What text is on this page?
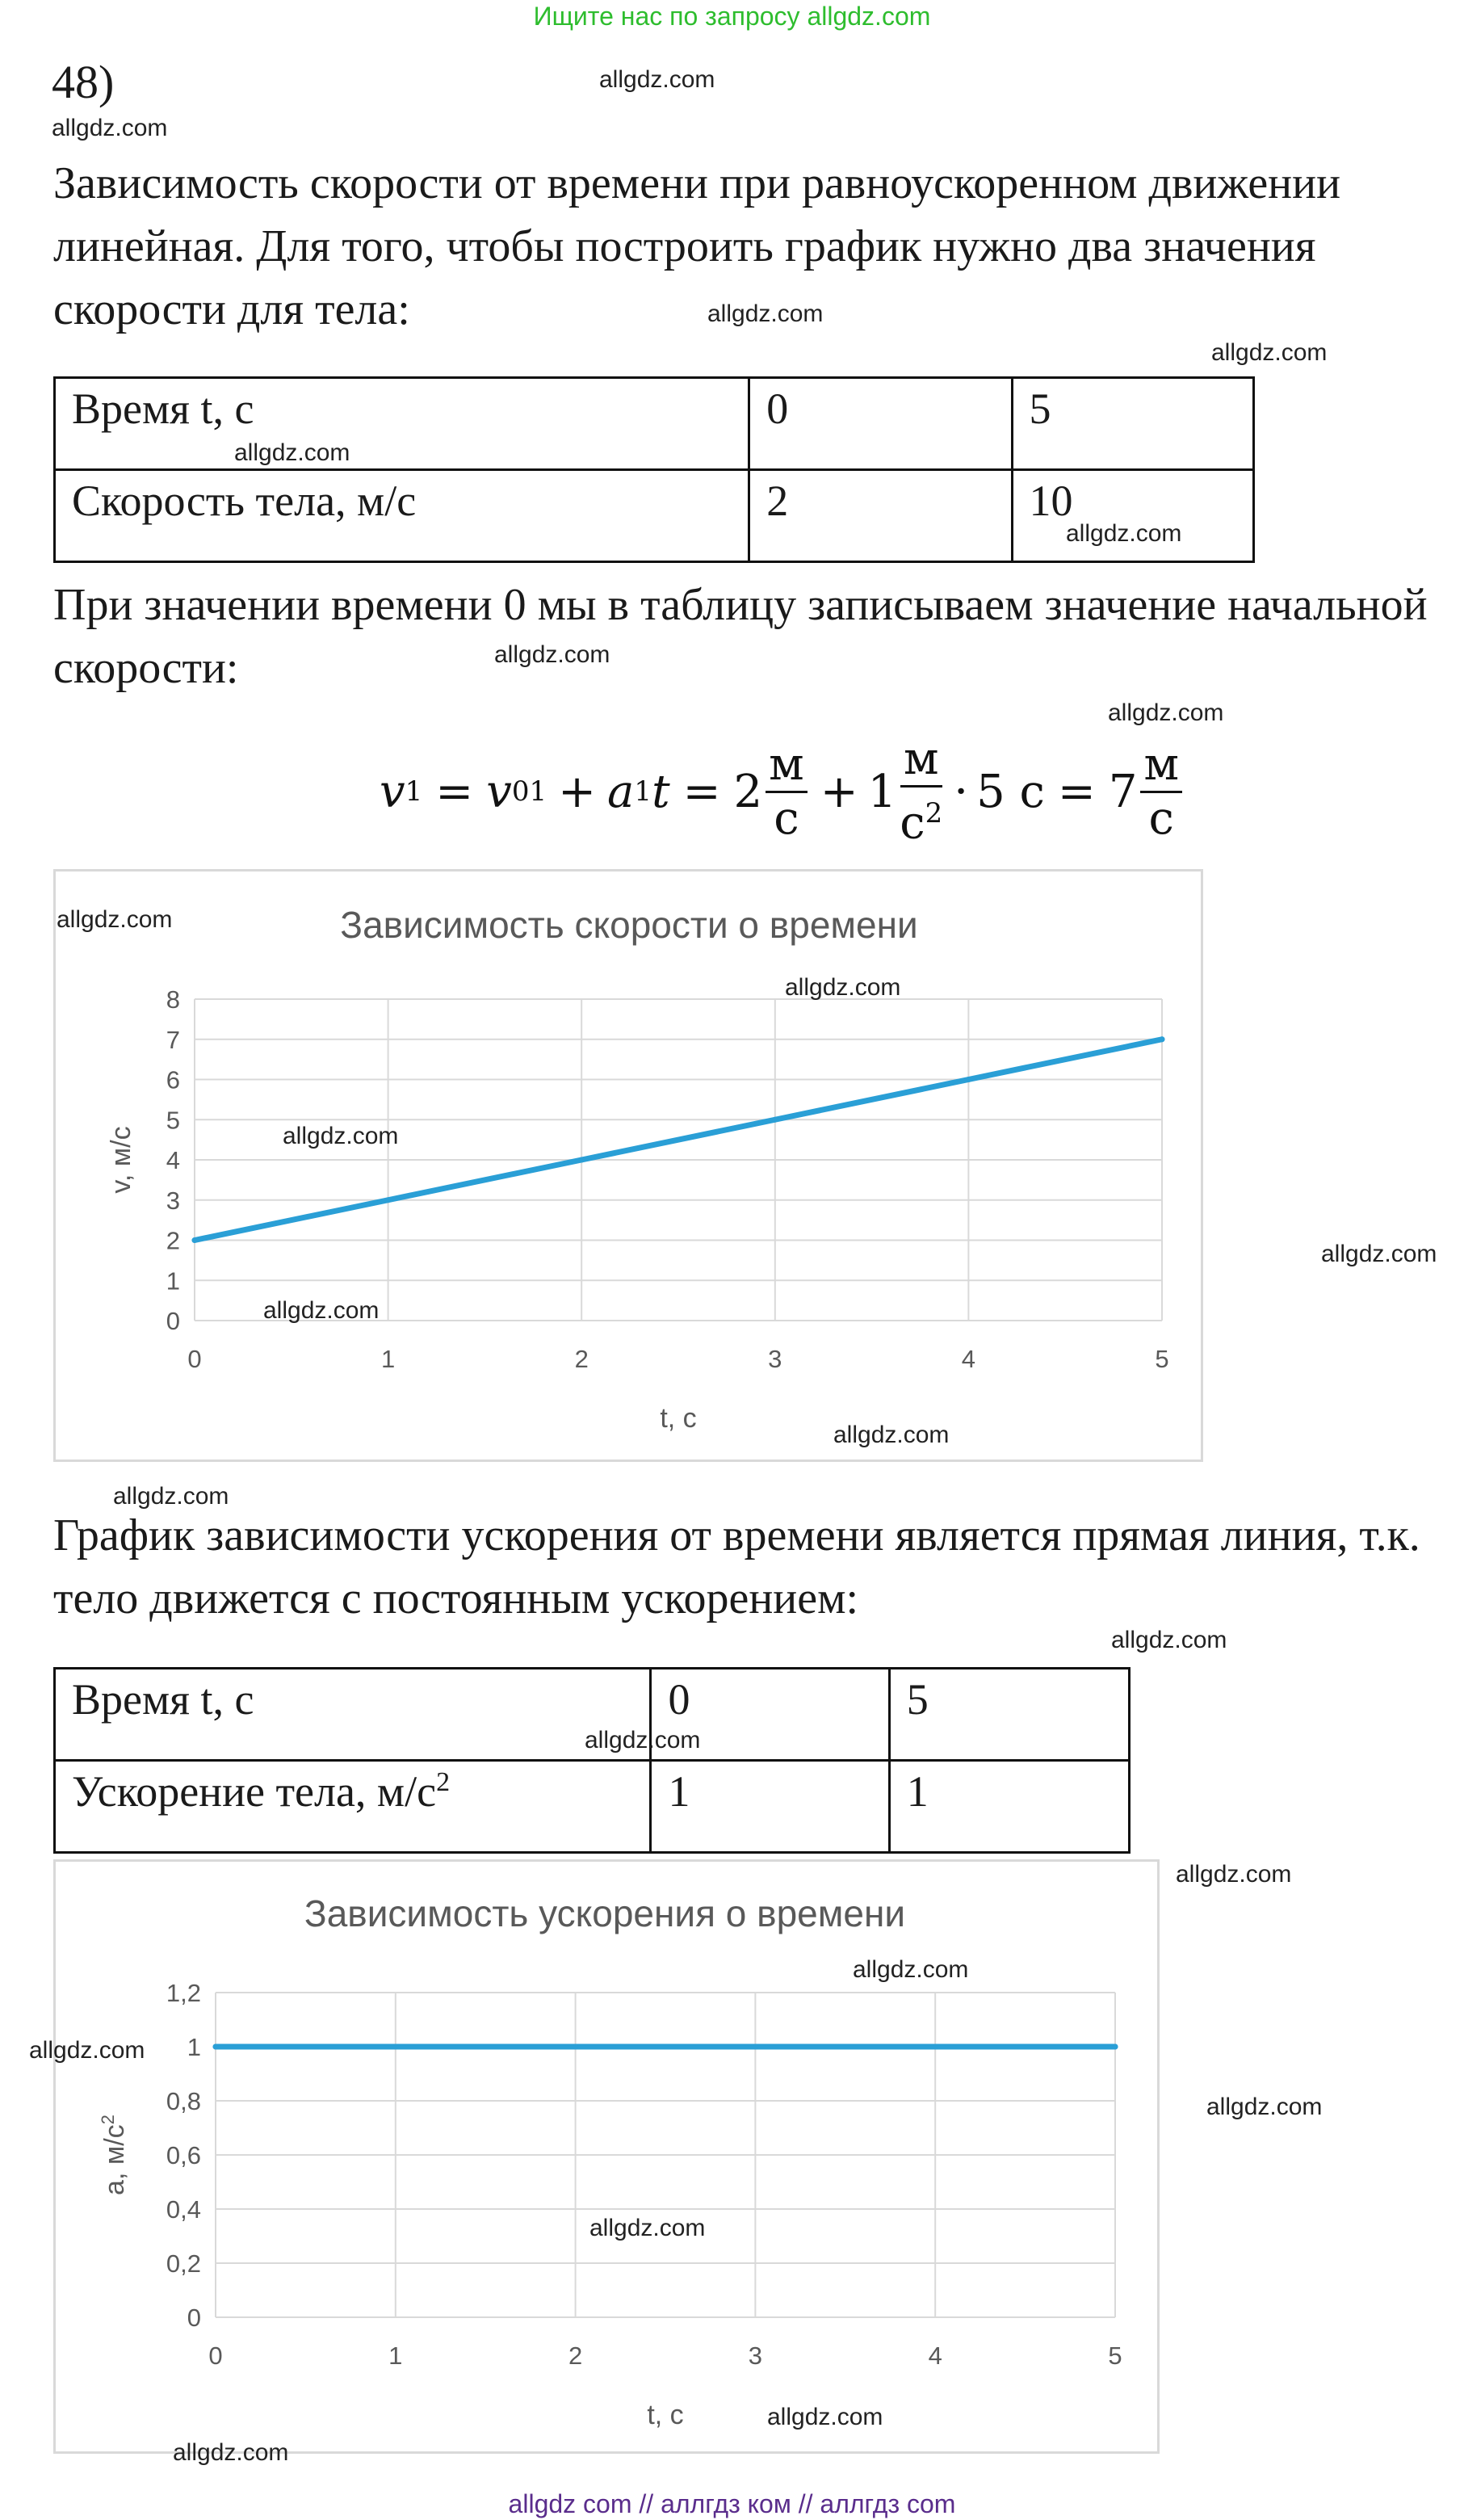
Ищите нас по запросу allgdz.com
48)
Зависимость скорости от времени при равноускоренном движении линейная. Для того, чтобы построить график нужно два значения скорости для тела:
Время t, с	0	5
Скорость тела, м/с	2	10
При значении времени 0 мы в таблицу записываем значение начальной скорости:
v 1 = v 01 + a 1 $t = 2 \frac{м}{с} + 1 \frac{м}{с^2} \cdot 5$ $с = 7 \frac{м}{с}$
Зависимость скорости о времени
0
1
2
3
4
5
6
7
8
0	1	2	3	4	5
t, с
v, м/с
График зависимости ускорения от времени является прямая линия, т.к. тело движется с постоянным ускорением:
Время t, с	0	5
Ускорение тела, $м/с^2$	1	1
Зависимость ускорения о времени
0
0,2
0,4
0,6
0,8
1
1,2
0	1	2	3	4	5
t, с
a, $м/с^2$
allgdz com // аллгдз ком // аллгдз com
allgdz.com
allgdz.com
allgdz.com
allgdz.com
allgdz.com
allgdz.com
allgdz.com
allgdz.com
allgdz.com
allgdz.com
allgdz.com
allgdz.com
allgdz.com
allgdz.com
allgdz.com
allgdz.com
allgdz.com
allgdz.com
allgdz.com
allgdz.com
allgdz.com
allgdz.com
allgdz.com
allgdz.com
